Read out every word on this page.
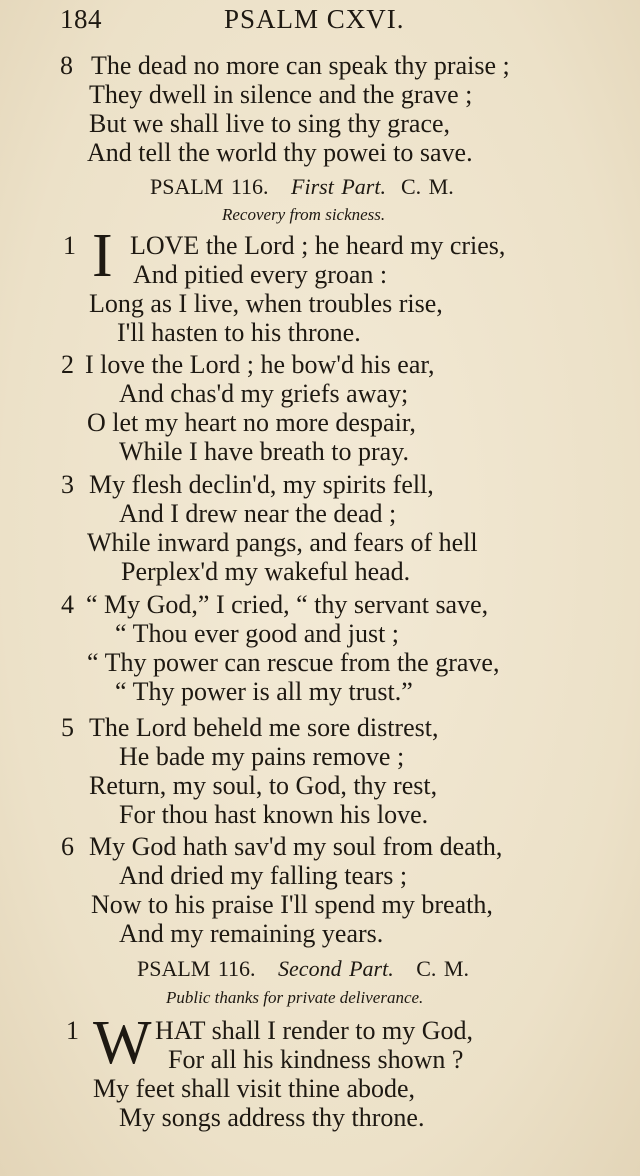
184	PSALM CXVI.
8 The dead no more can speak thy praise ;
They dwell in silence and the grave ;
But we shall live to sing thy grace,
And tell the world thy powei to save.
PSALM 116. First Part. C. M.
Recovery from sickness.
1 I LOVE the Lord ; he heard my cries,
And pitied every groan :
Long as I live, when troubles rise,
I'll hasten to his throne.
2 I love the Lord ; he bow'd his ear,
And chas'd my griefs away;
O let my heart no more despair,
While I have breath to pray.
3 My flesh declin'd, my spirits fell,
And I drew near the dead ;
While inward pangs, and fears of hell
Perplex'd my wakeful head.
4 “ My God,” I cried, “ thy servant save,
“ Thou ever good and just ;
“ Thy power can rescue from the grave,
“ Thy power is all my trust.”
5 The Lord beheld me sore distrest,
He bade my pains remove ;
Return, my soul, to God, thy rest,
For thou hast known his love.
6 My God hath sav'd my soul from death,
And dried my falling tears ;
Now to his praise I'll spend my breath,
And my remaining years.
PSALM 116. Second Part. C. M.
Public thanks for private deliverance.
1 W HAT shall I render to my God,
For all his kindness shown ?
My feet shall visit thine abode,
My songs address thy throne.
